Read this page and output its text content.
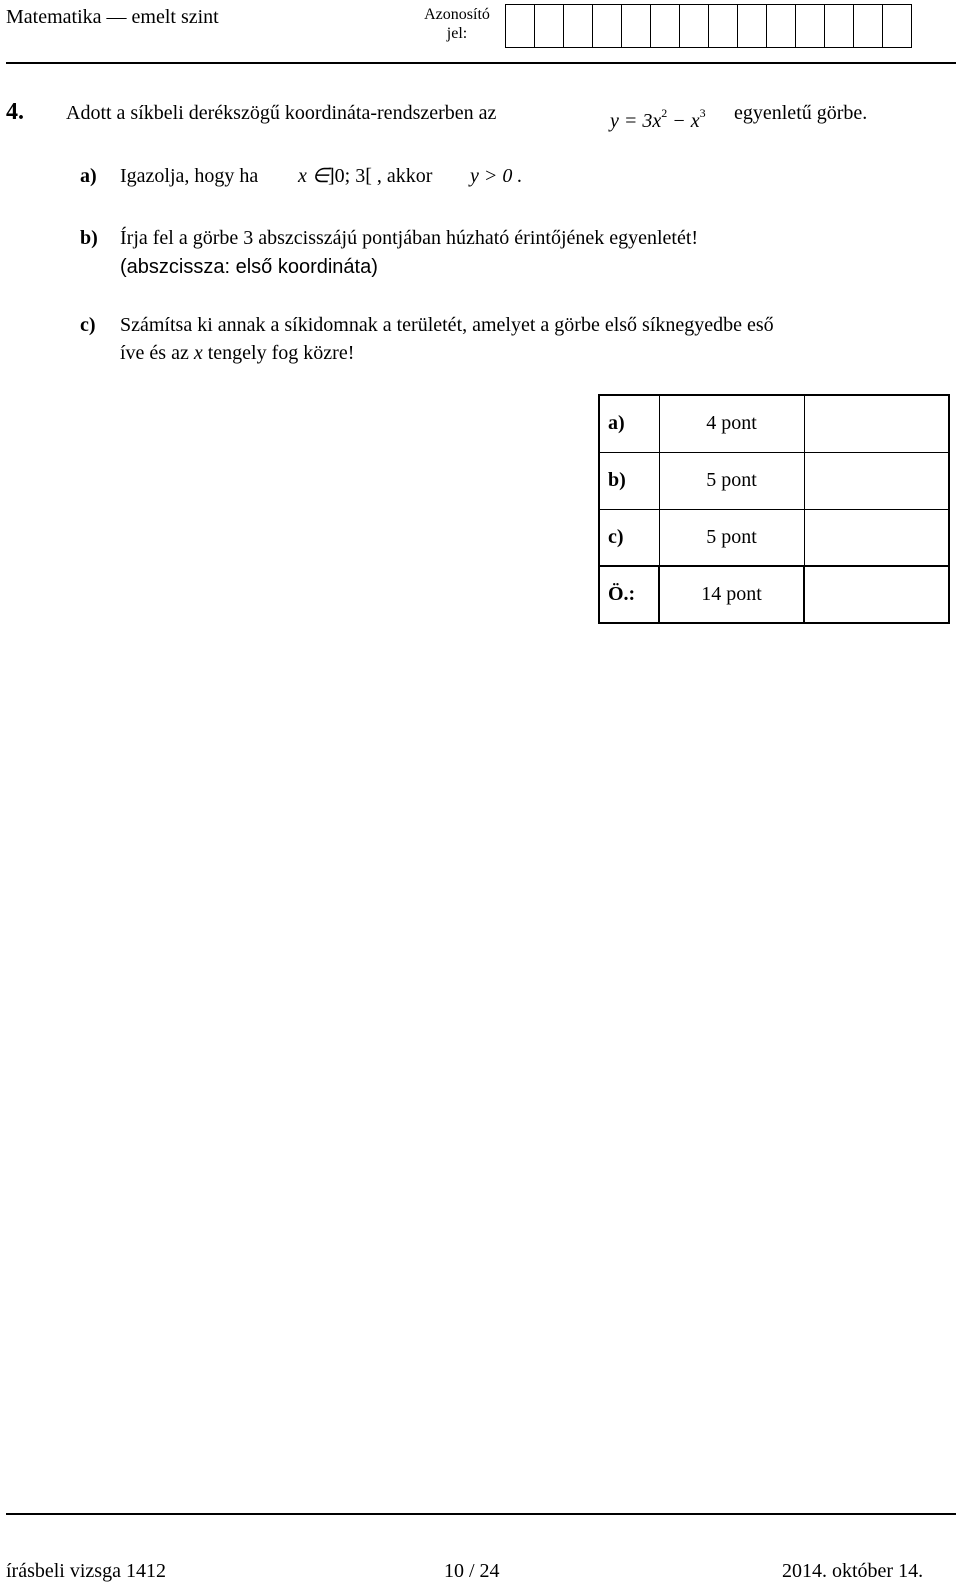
Matematika — emelt szint	Azonosító jel:
4. Adott a síkbeli derékszögű koordináta-rendszerben az	$y = 3x^2 - x^3$ egyenletű görbe.
a) Igazolja, hogy ha x ∈
]0; 3[ , akkor y > 0 .
b) Írja fel a görbe 3 abszcisszájú pontjában húzható érintőjének egyenletét!
(abszcissza: első koordináta)
c) Számítsa ki annak a síkidomnak a területét, amelyet a görbe első síknegyedbe eső
íve és az x tengely fog közre!
a)	4 pont	
b)	5 pont	
c)	5 pont	
Ö.:	14 pont	
írásbeli vizsga 1412	10 / 24	2014. október 14.
